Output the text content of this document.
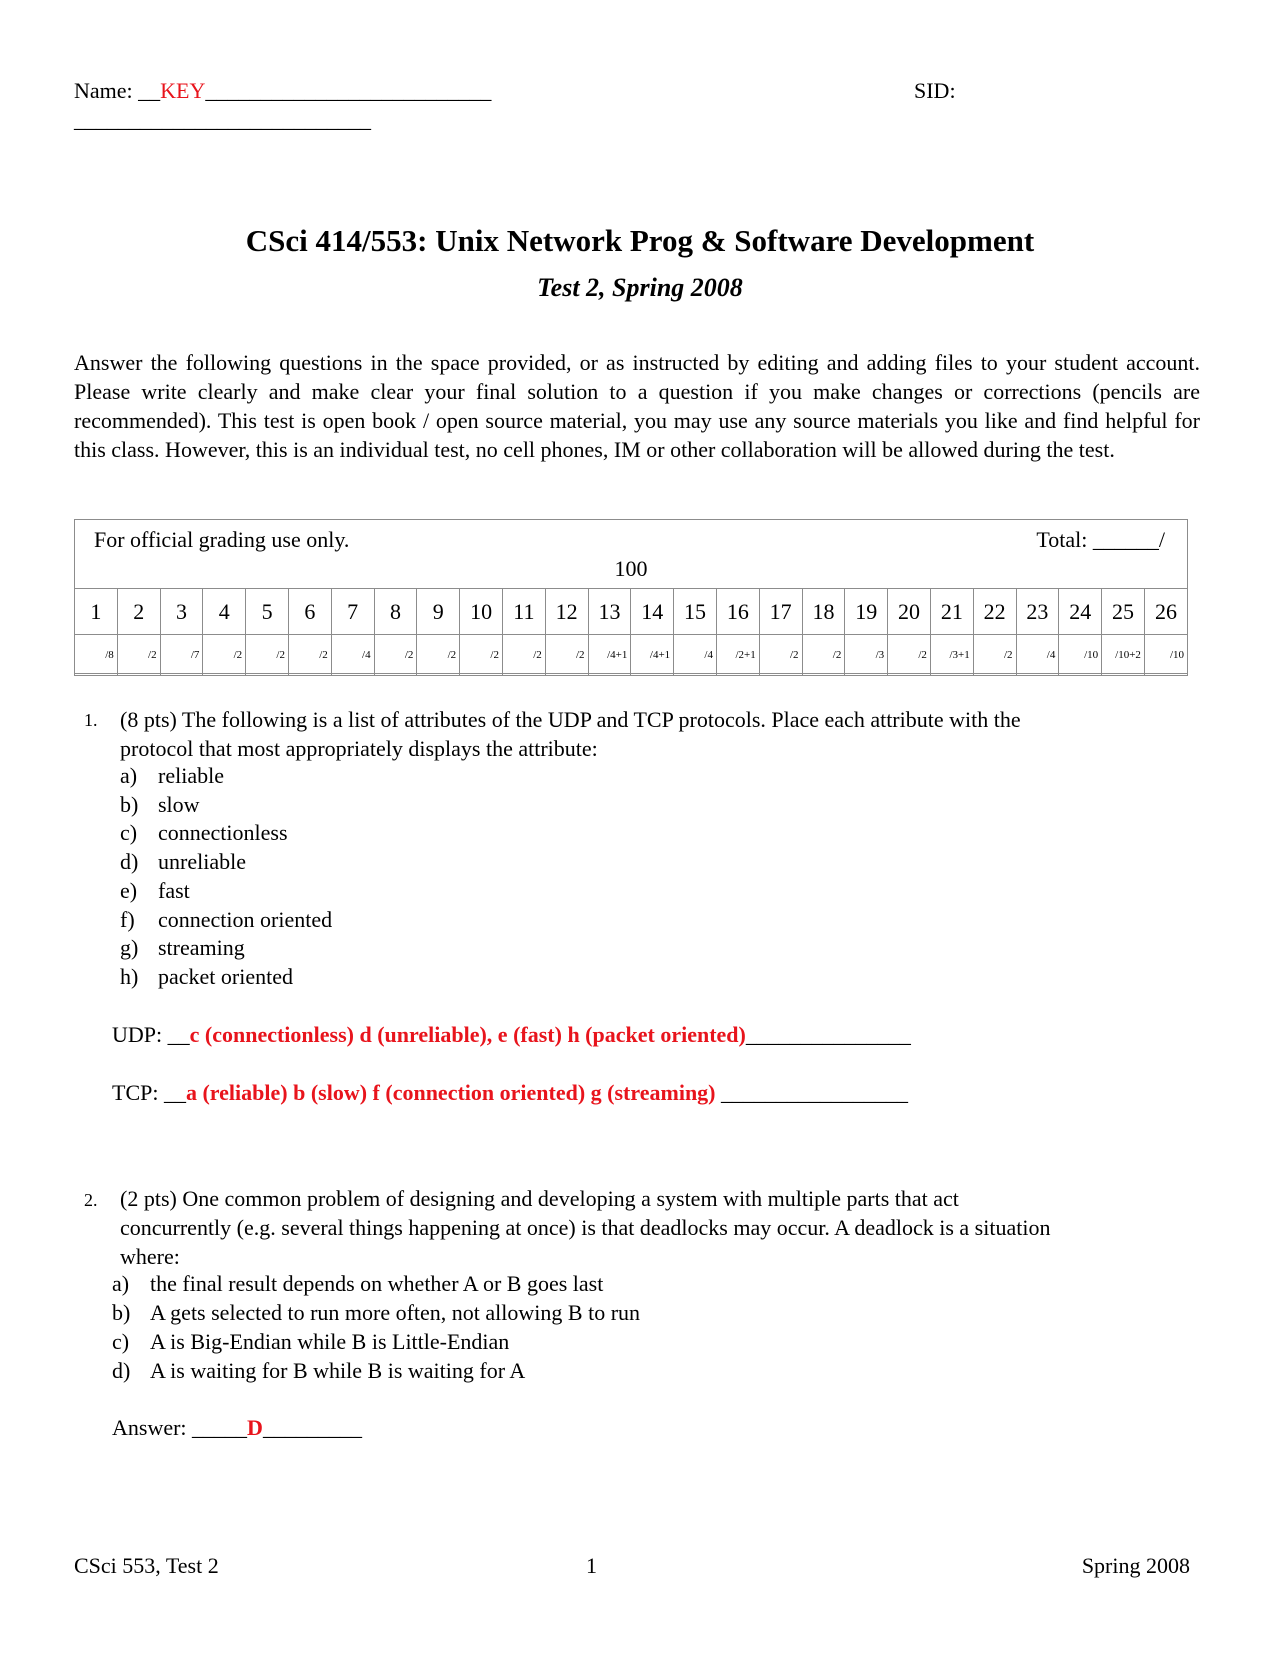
Name: __KEY__________________________	SID:
___________________________
CSci 414/553: Unix Network Prog & Software Development
Test 2, Spring 2008
Answer the following questions in the space provided, or as instructed by editing and adding files to your student account. Please write clearly and make clear your final solution to a question if you make changes or corrections (pencils are recommended). This test is open book / open source material, you may use any source materials you like and find helpful for this class. However, this is an individual test, no cell phones, IM or other collaboration will be allowed during the test.
For official grading use only.	Total: ______/
100
1	2	3	4	5	6	7	8	9	10	11	12	13	14	15	16	17	18	19	20	21	22	23	24	25	26
/8	/2	/7	/2	/2	/2	/4	/2	/2	/2	/2	/2	/4+1	/4+1	/4	/2+1	/2	/2	/3	/2	/3+1	/2	/4	/10	/10+2	/10
1. (8 pts) The following is a list of attributes of the UDP and TCP protocols. Place each attribute with the
protocol that most appropriately displays the attribute:
a) reliable
b) slow
c) connectionless
d) unreliable
e) fast
f) connection oriented
g) streaming
h) packet oriented
UDP: __c (connectionless) d (unreliable), e (fast) h (packet oriented)_______________
TCP: __a (reliable) b (slow) f (connection oriented) g (streaming) _________________
2. (2 pts) One common problem of designing and developing a system with multiple parts that act
concurrently (e.g. several things happening at once) is that deadlocks may occur. A deadlock is a situation
where:
a) the final result depends on whether A or B goes last
b) A gets selected to run more often, not allowing B to run
c) A is Big-Endian while B is Little-Endian
d) A is waiting for B while B is waiting for A
Answer: _____D_________
CSci 553, Test 2	1	Spring 2008
